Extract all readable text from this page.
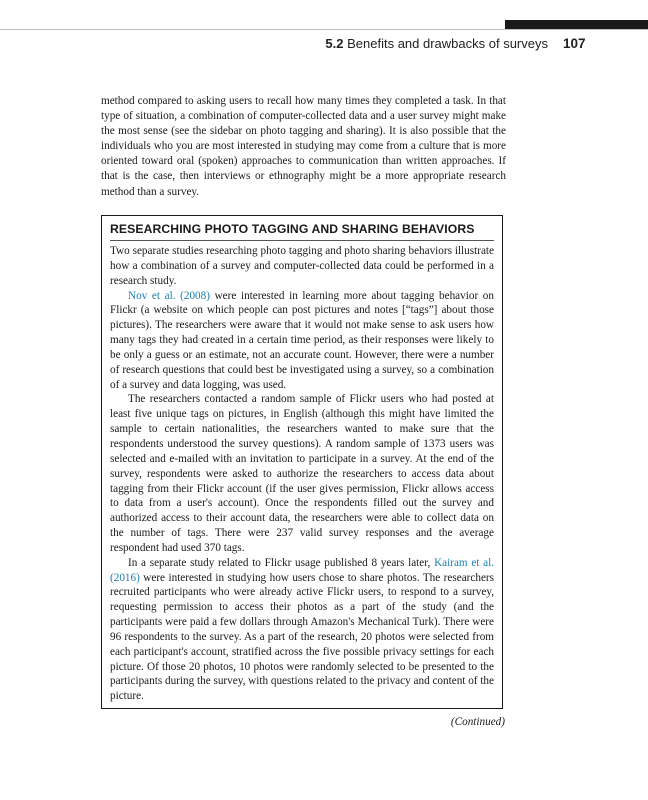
5.2 Benefits and drawbacks of surveys 107

method compared to asking users to recall how many times they completed a task. In that type of situation, a combination of computer-collected data and a user survey might make the most sense (see the sidebar on photo tagging and sharing). It is also possible that the individuals who you are most interested in studying may come from a culture that is more oriented toward oral (spoken) approaches to communication than written approaches. If that is the case, then interviews or ethnography might be a more appropriate research method than a survey.

RESEARCHING PHOTO TAGGING AND SHARING BEHAVIORS

Two separate studies researching photo tagging and photo sharing behaviors illustrate how a combination of a survey and computer-collected data could be performed in a research study.

Nov et al. (2008) were interested in learning more about tagging behavior on Flickr (a website on which people can post pictures and notes [“tags”] about those pictures). The researchers were aware that it would not make sense to ask users how many tags they had created in a certain time period, as their responses were likely to be only a guess or an estimate, not an accurate count. However, there were a number of research questions that could best be investigated using a survey, so a combination of a survey and data logging, was used.

The researchers contacted a random sample of Flickr users who had posted at least five unique tags on pictures, in English (although this might have limited the sample to certain nationalities, the researchers wanted to make sure that the respondents understood the survey questions). A random sample of 1373 users was selected and e-mailed with an invitation to participate in a survey. At the end of the survey, respondents were asked to authorize the researchers to access data about tagging from their Flickr account (if the user gives permission, Flickr allows access to data from a user's account). Once the respondents filled out the survey and authorized access to their account data, the researchers were able to collect data on the number of tags. There were 237 valid survey responses and the average respondent had used 370 tags.

In a separate study related to Flickr usage published 8 years later, Kairam et al. (2016) were interested in studying how users chose to share photos. The researchers recruited participants who were already active Flickr users, to respond to a survey, requesting permission to access their photos as a part of the study (and the participants were paid a few dollars through Amazon's Mechanical Turk). There were 96 respondents to the survey. As a part of the research, 20 photos were selected from each participant's account, stratified across the five possible privacy settings for each picture. Of those 20 photos, 10 photos were randomly selected to be presented to the participants during the survey, with questions related to the privacy and content of the picture.

(Continued)
